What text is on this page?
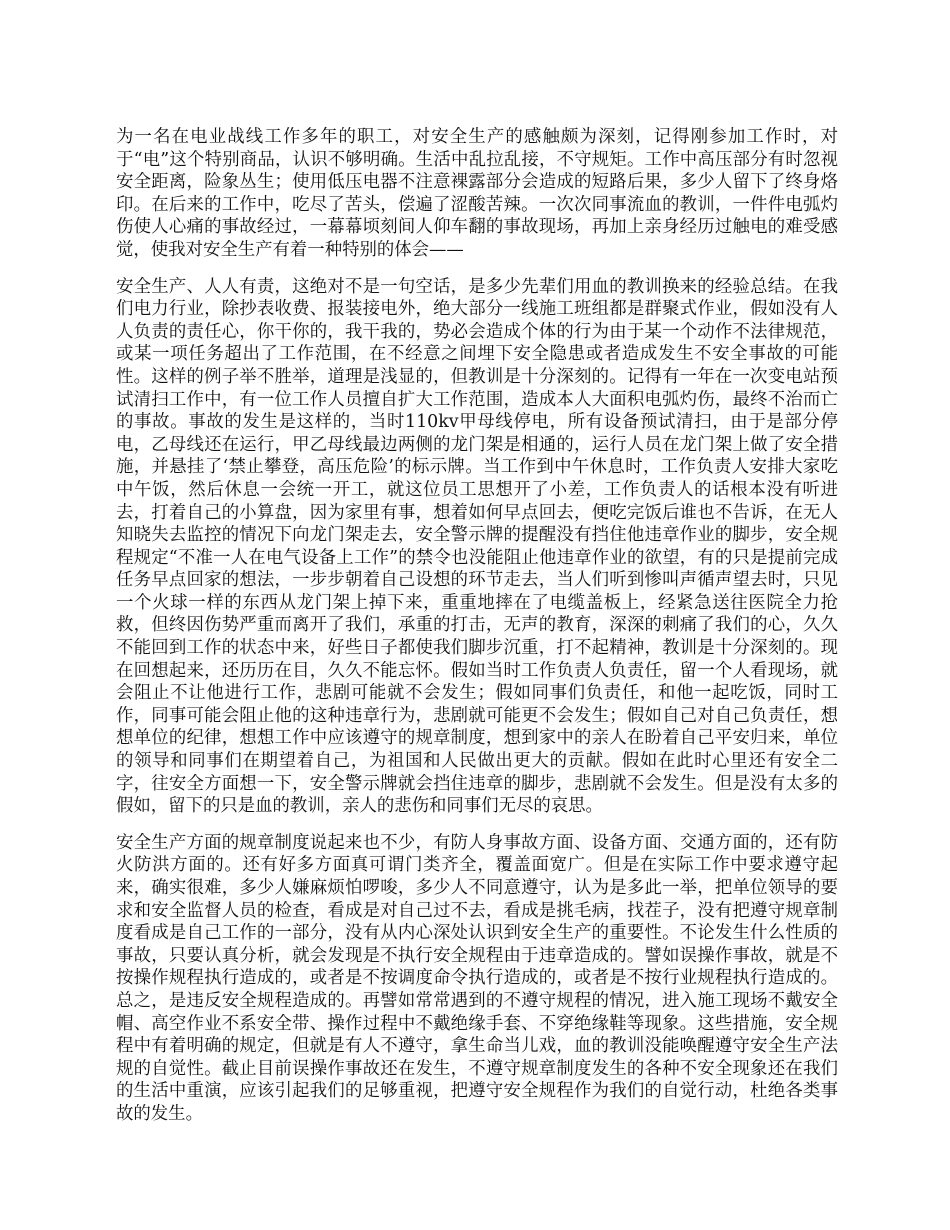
为一名在电业战线工作多年的职工，对安全生产的感触颇为深刻，记得刚参加工作时，对于“电”这个特别商品，认识不够明确。生活中乱拉乱接，不守规矩。工作中高压部分有时忽视安全距离，险象丛生；使用低压电器不注意裸露部分会造成的短路后果，多少人留下了终身烙印。在后来的工作中，吃尽了苦头，偿遍了涩酸苦辣。一次次同事流血的教训，一件件电弧灼伤使人心痛的事故经过，一幕幕顷刻间人仰车翻的事故现场，再加上亲身经历过触电的难受感觉，使我对安全生产有着一种特别的体会——

安全生产、人人有责，这绝对不是一句空话，是多少先辈们用血的教训换来的经验总结。在我们电力行业，除抄表收费、报装接电外，绝大部分一线施工班组都是群聚式作业，假如没有人人负责的责任心，你干你的，我干我的，势必会造成个体的行为由于某一个动作不法律规范，或某一项任务超出了工作范围，在不经意之间埋下安全隐患或者造成发生不安全事故的可能性。这样的例子举不胜举，道理是浅显的，但教训是十分深刻的。记得有一年在一次变电站预试清扫工作中，有一位工作人员擅自扩大工作范围，造成本人大面积电弧灼伤，最终不治而亡的事故。事故的发生是这样的，当时110kv甲母线停电，所有设备预试清扫，由于是部分停电，乙母线还在运行，甲乙母线最边两侧的龙门架是相通的，运行人员在龙门架上做了安全措施，并悬挂了‘禁止攀登，高压危险’的标示牌。当工作到中午休息时，工作负责人安排大家吃中午饭，然后休息一会统一开工，就这位员工思想开了小差，工作负责人的话根本没有听进去，打着自己的小算盘，因为家里有事，想着如何早点回去，便吃完饭后谁也不告诉，在无人知晓失去监控的情况下向龙门架走去，安全警示牌的提醒没有挡住他违章作业的脚步，安全规程规定“不准一人在电气设备上工作”的禁令也没能阻止他违章作业的欲望，有的只是提前完成任务早点回家的想法，一步步朝着自己设想的环节走去，当人们听到惨叫声循声望去时，只见一个火球一样的东西从龙门架上掉下来，重重地摔在了电缆盖板上，经紧急送往医院全力抢救，但终因伤势严重而离开了我们，承重的打击，无声的教育，深深的刺痛了我们的心，久久不能回到工作的状态中来，好些日子都使我们脚步沉重，打不起精神，教训是十分深刻的。现在回想起来，还历历在目，久久不能忘怀。假如当时工作负责人负责任，留一个人看现场，就会阻止不让他进行工作，悲剧可能就不会发生；假如同事们负责任，和他一起吃饭，同时工作，同事可能会阻止他的这种违章行为，悲剧就可能更不会发生；假如自己对自己负责任，想想单位的纪律，想想工作中应该遵守的规章制度，想到家中的亲人在盼着自己平安归来，单位的领导和同事们在期望着自己，为祖国和人民做出更大的贡献。假如在此时心里还有安全二字，往安全方面想一下，安全警示牌就会挡住违章的脚步，悲剧就不会发生。但是没有太多的假如，留下的只是血的教训，亲人的悲伤和同事们无尽的哀思。

安全生产方面的规章制度说起来也不少，有防人身事故方面、设备方面、交通方面的，还有防火防洪方面的。还有好多方面真可谓门类齐全，覆盖面宽广。但是在实际工作中要求遵守起来，确实很难，多少人嫌麻烦怕啰唆，多少人不同意遵守，认为是多此一举，把单位领导的要求和安全监督人员的检查，看成是对自己过不去，看成是挑毛病，找茬子，没有把遵守规章制度看成是自己工作的一部分，没有从内心深处认识到安全生产的重要性。不论发生什么性质的事故，只要认真分析，就会发现是不执行安全规程由于违章造成的。譬如误操作事故，就是不按操作规程执行造成的，或者是不按调度命令执行造成的，或者是不按行业规程执行造成的。总之，是违反安全规程造成的。再譬如常常遇到的不遵守规程的情况，进入施工现场不戴安全帽、高空作业不系安全带、操作过程中不戴绝缘手套、不穿绝缘鞋等现象。这些措施，安全规程中有着明确的规定，但就是有人不遵守，拿生命当儿戏，血的教训没能唤醒遵守安全生产法规的自觉性。截止目前误操作事故还在发生，不遵守规章制度发生的各种不安全现象还在我们的生活中重演，应该引起我们的足够重视，把遵守安全规程作为我们的自觉行动，杜绝各类事故的发生。
